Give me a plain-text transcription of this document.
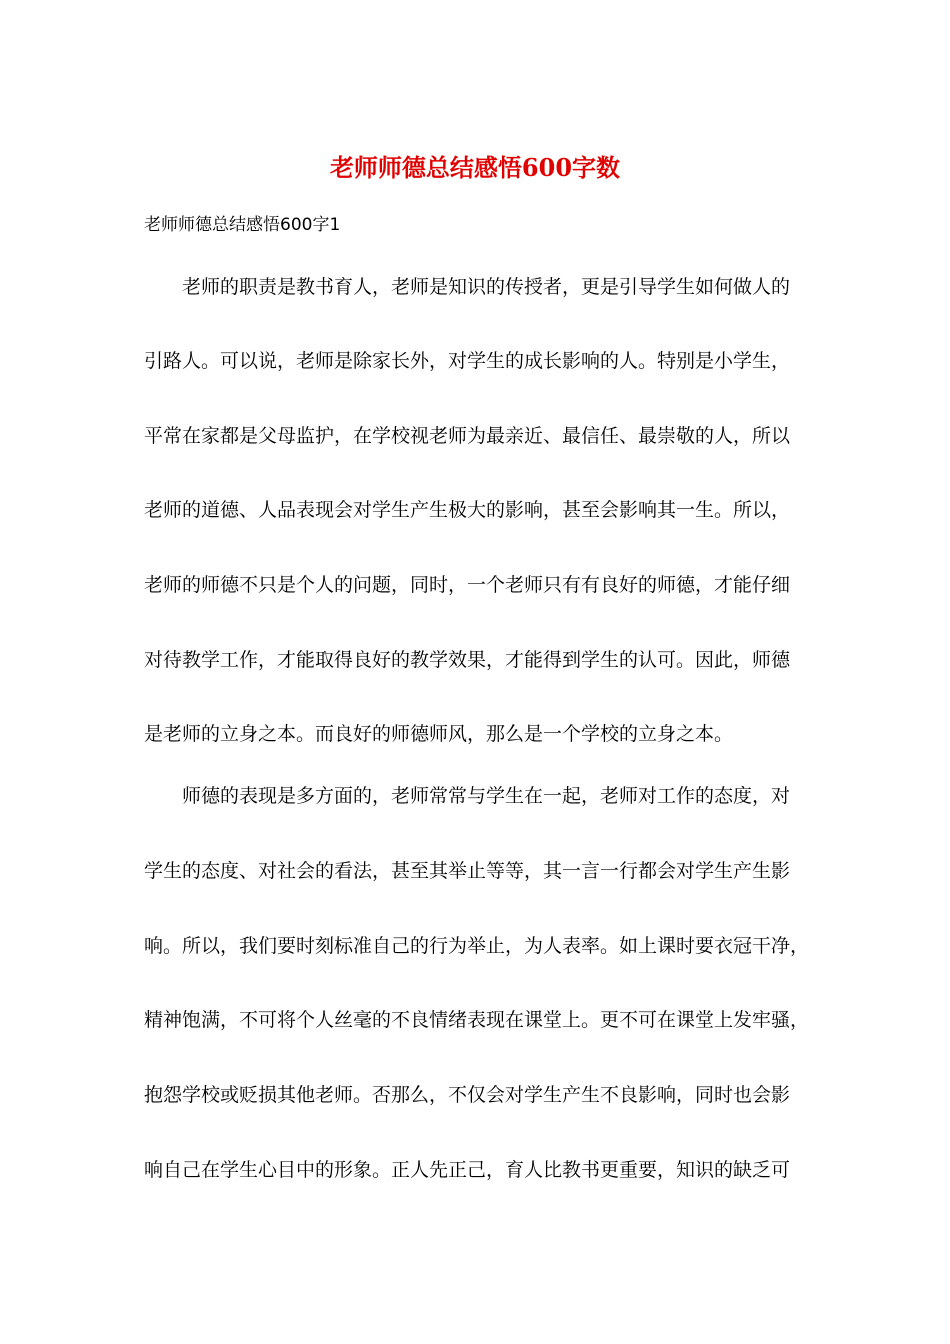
老师师德总结感悟600字数
老师师德总结感悟600字1
老师的职责是教书育人，老师是知识的传授者，更是引导学生如何做人的
引路人。可以说，老师是除家长外，对学生的成长影响的人。特别是小学生，
平常在家都是父母监护，在学校视老师为最亲近、最信任、最崇敬的人，所以
老师的道德、人品表现会对学生产生极大的影响，甚至会影响其一生。所以，
老师的师德不只是个人的问题，同时，一个老师只有有良好的师德，才能仔细
对待教学工作，才能取得良好的教学效果，才能得到学生的认可。因此，师德
是老师的立身之本。而良好的师德师风，那么是一个学校的立身之本。
师德的表现是多方面的，老师常常与学生在一起，老师对工作的态度，对
学生的态度、对社会的看法，甚至其举止等等，其一言一行都会对学生产生影
响。所以，我们要时刻标准自己的行为举止，为人表率。如上课时要衣冠干净，
精神饱满，不可将个人丝毫的不良情绪表现在课堂上。更不可在课堂上发牢骚，
抱怨学校或贬损其他老师。否那么，不仅会对学生产生不良影响，同时也会影
响自己在学生心目中的形象。正人先正己，育人比教书更重要，知识的缺乏可
